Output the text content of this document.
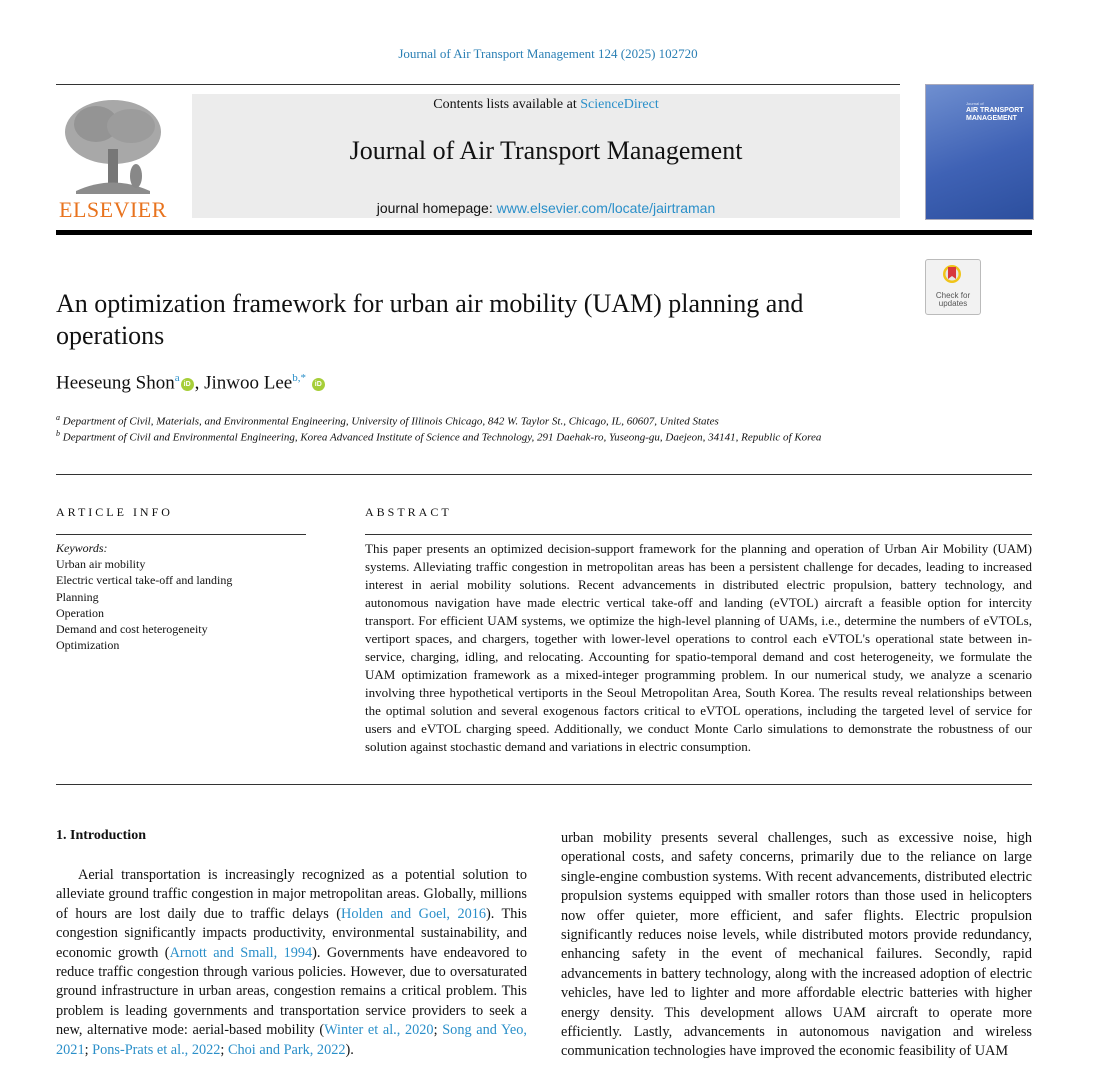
Journal of Air Transport Management 124 (2025) 102720
ELSEVIER
Contents lists available at ScienceDirect
Journal of Air Transport Management
journal homepage: www.elsevier.com/locate/jairtraman
Journal of
AIR TRANSPORT MANAGEMENT
An optimization framework for urban air mobility (UAM) planning and operations
Check for
updates
Heeseung Shon$^a$iD , Jinwoo Lee$^{b,*}$ iD
$^a$ Department of Civil, Materials, and Environmental Engineering, University of Illinois Chicago, 842 W. Taylor St., Chicago, IL, 60607, United States
$^b$ Department of Civil and Environmental Engineering, Korea Advanced Institute of Science and Technology, 291 Daehak-ro, Yuseong-gu, Daejeon, 34141, Republic of Korea
ARTICLE INFO	ABSTRACT
Keywords:
Urban air mobility
Electric vertical take-off and landing
Planning
Operation
Demand and cost heterogeneity
Optimization
This paper presents an optimized decision-support framework for the planning and operation of Urban Air Mobility (UAM) systems. Alleviating traffic congestion in metropolitan areas has been a persistent challenge for decades, leading to increased interest in aerial mobility solutions. Recent advancements in distributed electric propulsion, battery technology, and autonomous navigation have made electric vertical take-off and landing (eVTOL) aircraft a feasible option for intercity transport. For efficient UAM systems, we optimize the high-level planning of UAMs, i.e., determine the numbers of eVTOLs, vertiport spaces, and chargers, together with lower-level operations to control each eVTOL's operational state between in-service, charging, idling, and relocating. Accounting for spatio-temporal demand and cost heterogeneity, we formulate the UAM optimization framework as a mixed-integer programming problem. In our numerical study, we analyze a scenario involving three hypothetical vertiports in the Seoul Metropolitan Area, South Korea. The results reveal relationships between the optimal solution and several exogenous factors critical to eVTOL operations, including the targeted level of service for users and eVTOL charging speed. Additionally, we conduct Monte Carlo simulations to demonstrate the robustness of our solution against stochastic demand and variations in electric consumption.
1. Introduction
Aerial transportation is increasingly recognized as a potential solution to alleviate ground traffic congestion in major metropolitan areas. Globally, millions of hours are lost daily due to traffic delays (Holden and Goel, 2016). This congestion significantly impacts productivity, environmental sustainability, and economic growth (Arnott and Small, 1994). Governments have endeavored to reduce traffic congestion through various policies. However, due to oversaturated ground infrastructure in urban areas, congestion remains a critical problem. This problem is leading governments and transportation service providers to seek a new, alternative mode: aerial-based mobility (Winter et al., 2020; Song and Yeo, 2021; Pons-Prats et al., 2022; Choi and Park, 2022).
urban mobility presents several challenges, such as excessive noise, high operational costs, and safety concerns, primarily due to the reliance on large single-engine combustion systems. With recent advancements, distributed electric propulsion systems equipped with smaller rotors than those used in helicopters now offer quieter, more efficient, and safer flights. Electric propulsion significantly reduces noise levels, while distributed motors provide redundancy, enhancing safety in the event of mechanical failures. Secondly, rapid advancements in battery technology, along with the increased adoption of electric vehicles, have led to lighter and more affordable electric batteries with higher energy density. This development allows UAM aircraft to operate more efficiently. Lastly, advancements in autonomous navigation and wireless communication technologies have improved the economic feasibility of UAM
